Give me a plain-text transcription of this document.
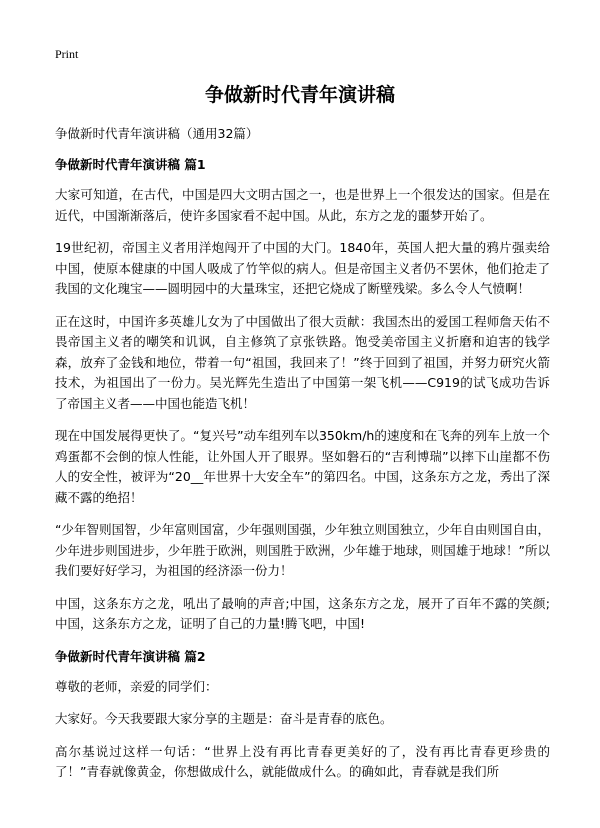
Print
争做新时代青年演讲稿

争做新时代青年演讲稿（通用32篇）

争做新时代青年演讲稿 篇1

大家可知道，在古代，中国是四大文明古国之一，也是世界上一个很发达的国家。但是在近代，中国渐渐落后，使许多国家看不起中国。从此，东方之龙的噩梦开始了。

19世纪初，帝国主义者用洋炮闯开了中国的大门。1840年，英国人把大量的鸦片强卖给中国，使原本健康的中国人吸成了竹竿似的病人。但是帝国主义者仍不罢休，他们抢走了我国的文化瑰宝——圆明园中的大量珠宝，还把它烧成了断壁残梁。多么令人气愤啊！

正在这时，中国许多英雄儿女为了中国做出了很大贡献：我国杰出的爱国工程师詹天佑不畏帝国主义者的嘲笑和讥讽，自主修筑了京张铁路。饱受美帝国主义折磨和迫害的钱学森，放弃了金钱和地位，带着一句“祖国，我回来了！”终于回到了祖国，并努力研究火箭技术，为祖国出了一份力。吴光辉先生造出了中国第一架飞机——C919的试飞成功告诉了帝国主义者——中国也能造飞机！

现在中国发展得更快了。“复兴号”动车组列车以350km/h的速度和在飞奔的列车上放一个鸡蛋都不会倒的惊人性能，让外国人开了眼界。坚如磐石的“吉利博瑞”以摔下山崖都不伤人的安全性，被评为“20__年世界十大安全车”的第四名。中国，这条东方之龙，秀出了深藏不露的绝招！

“少年智则国智，少年富则国富，少年强则国强，少年独立则国独立，少年自由则国自由，少年进步则国进步，少年胜于欧洲，则国胜于欧洲，少年雄于地球，则国雄于地球！”所以我们要好好学习，为祖国的经济添一份力！

中国，这条东方之龙，吼出了最响的声音;中国，这条东方之龙，展开了百年不露的笑颜;中国，这条东方之龙，证明了自己的力量!腾飞吧，中国!

争做新时代青年演讲稿 篇2

尊敬的老师，亲爱的同学们：

大家好。今天我要跟大家分享的主题是：奋斗是青春的底色。

高尔基说过这样一句话：“世界上没有再比青春更美好的了，没有再比青春更珍贵的了！”青春就像黄金，你想做成什么，就能做成什么。的确如此，青春就是我们所
